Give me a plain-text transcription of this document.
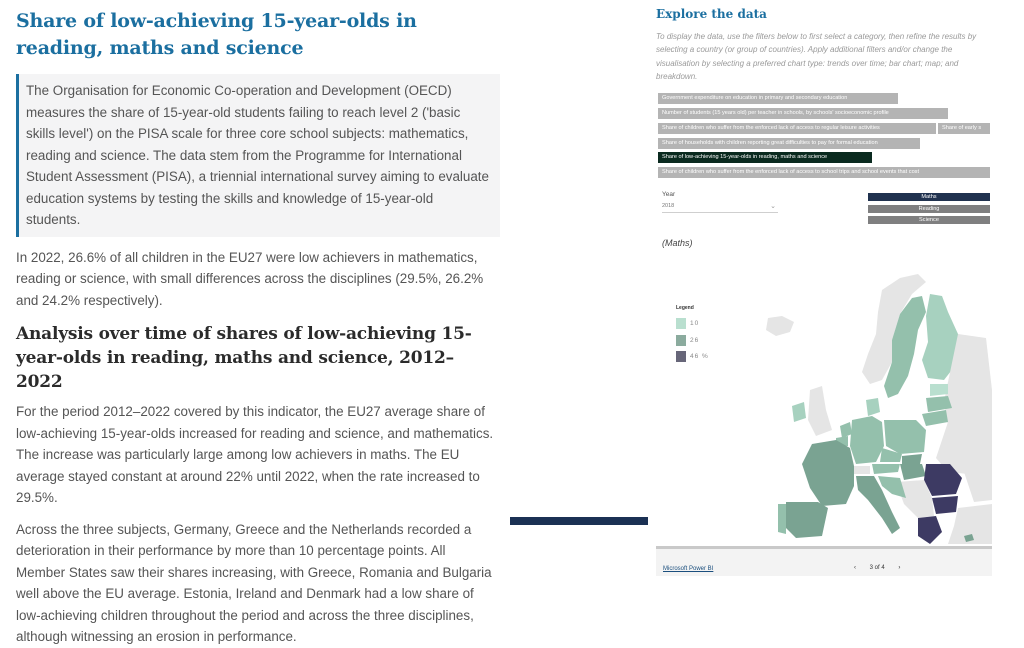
Share of low-achieving 15-year-olds in reading, maths and science

The Organisation for Economic Co-operation and Development (OECD) measures the share of 15-year-old students failing to reach level 2 ('basic skills level') on the PISA scale for three core school subjects: mathematics, reading and science. The data stem from the Programme for International Student Assessment (PISA), a triennial international survey aiming to evaluate education systems by testing the skills and knowledge of 15-year-old students.

In 2022, 26.6% of all children in the EU27 were low achievers in mathematics, reading or science, with small differences across the disciplines (29.5%, 26.2% and 24.2% respectively).

Analysis over time of shares of low-achieving 15-year-olds in reading, maths and science, 2012–2022

For the period 2012–2022 covered by this indicator, the EU27 average share of low-achieving 15-year-olds increased for reading and science, and mathematics. The increase was particularly large among low achievers in maths. The EU average stayed constant at around 22% until 2022, when the rate increased to 29.5%.

Across the three subjects, Germany, Greece and the Netherlands recorded a deterioration in their performance by more than 10 percentage points. All Member States saw their shares increasing, with Greece, Romania and Bulgaria well above the EU average. Estonia, Ireland and Denmark had a low share of low-achieving children throughout the period and across the three disciplines, although witnessing an erosion in performance.

Explore the data

To display the data, use the filters below to first select a category, then refine the results by selecting a country (or group of countries). Apply additional filters and/or change the visualisation by selecting a preferred chart type: trends over time; bar chart; map; and breakdown.

Government expenditure on education in primary and secondary education
Number of students (15 years old) per teacher in schools, by schools' socioeconomic profile
Share of children who suffer from the enforced lack of access to regular leisure activities	Share of early s
Share of households with children reporting great difficulties to pay for formal education
Share of low-achieving 15-year-olds in reading, maths and science
Share of children who suffer from the enforced lack of access to school trips and school events that cost
Year
2018	⌄
Maths
Reading
Science
(Maths)
Legend
10
26
46 %
Microsoft Power BI	‹ 3 of 4 ›
